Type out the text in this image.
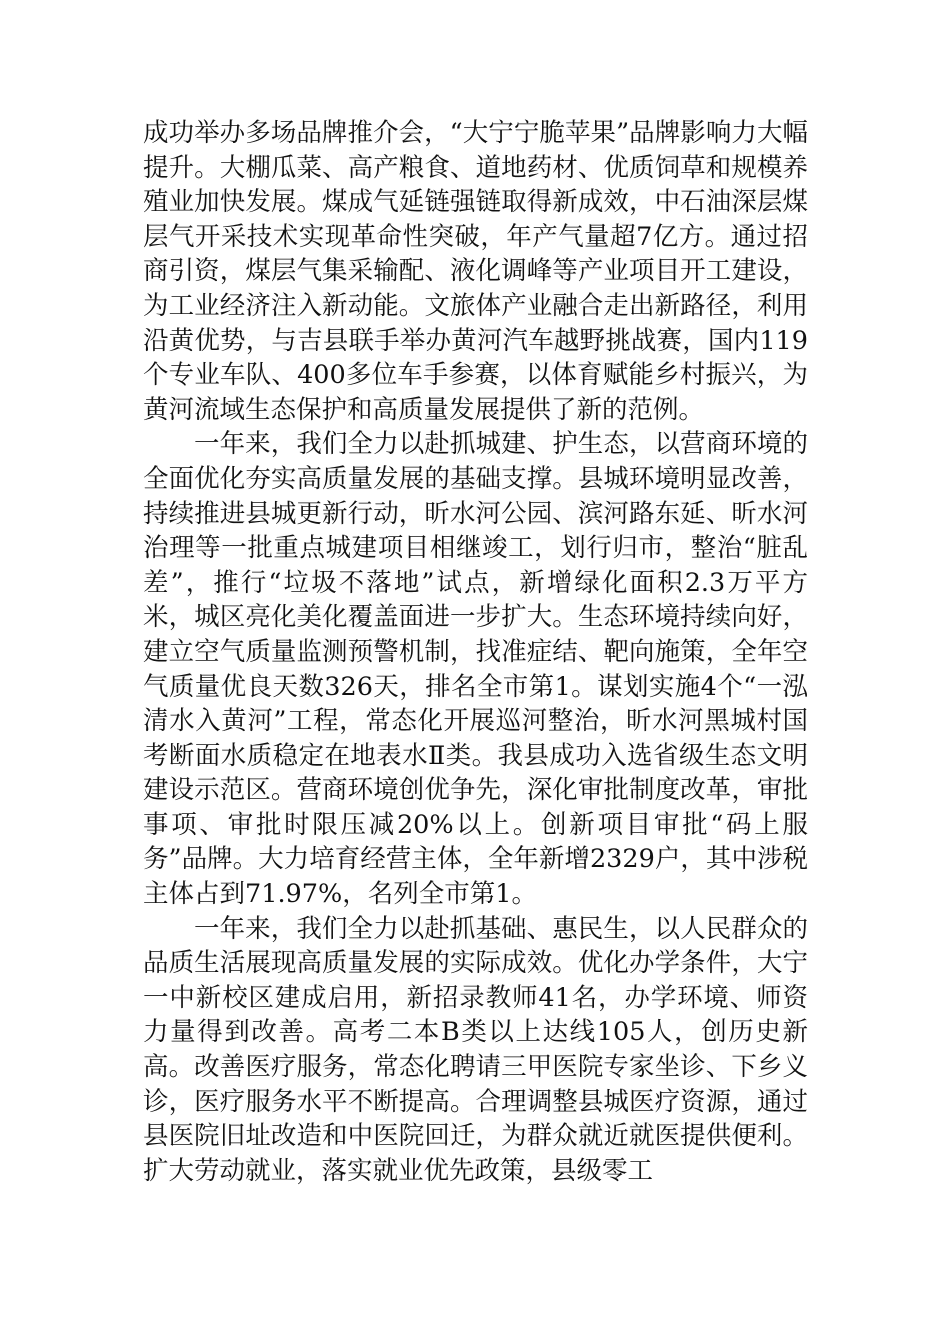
成功举办多场品牌推介会，“大宁宁脆苹果”品牌影响力大幅提升。大棚瓜菜、高产粮食、道地药材、优质饲草和规模养殖业加快发展。煤成气延链强链取得新成效，中石油深层煤层气开采技术实现革命性突破，年产气量超7亿方。通过招商引资，煤层气集采输配、液化调峰等产业项目开工建设，为工业经济注入新动能。文旅体产业融合走出新路径，利用沿黄优势，与吉县联手举办黄河汽车越野挑战赛，国内119个专业车队、400多位车手参赛，以体育赋能乡村振兴，为黄河流域生态保护和高质量发展提供了新的范例。

一年来，我们全力以赴抓城建、护生态，以营商环境的全面优化夯实高质量发展的基础支撑。县城环境明显改善，持续推进县城更新行动，昕水河公园、滨河路东延、昕水河治理等一批重点城建项目相继竣工，划行归市，整治“脏乱差”，推行“垃圾不落地”试点，新增绿化面积2.3万平方米，城区亮化美化覆盖面进一步扩大。生态环境持续向好，建立空气质量监测预警机制，找准症结、靶向施策，全年空气质量优良天数326天，排名全市第1。谋划实施4个“一泓清水入黄河”工程，常态化开展巡河整治，昕水河黑城村国考断面水质稳定在地表水Ⅱ类。我县成功入选省级生态文明建设示范区。营商环境创优争先，深化审批制度改革，审批事项、审批时限压减20%以上。创新项目审批“码上服务”品牌。大力培育经营主体，全年新增2329户，其中涉税主体占到71.97%，名列全市第1。

一年来，我们全力以赴抓基础、惠民生，以人民群众的品质生活展现高质量发展的实际成效。优化办学条件，大宁一中新校区建成启用，新招录教师41名，办学环境、师资力量得到改善。高考二本B类以上达线105人，创历史新高。改善医疗服务，常态化聘请三甲医院专家坐诊、下乡义诊，医疗服务水平不断提高。合理调整县城医疗资源，通过县医院旧址改造和中医院回迁，为群众就近就医提供便利。扩大劳动就业，落实就业优先政策，县级零工
